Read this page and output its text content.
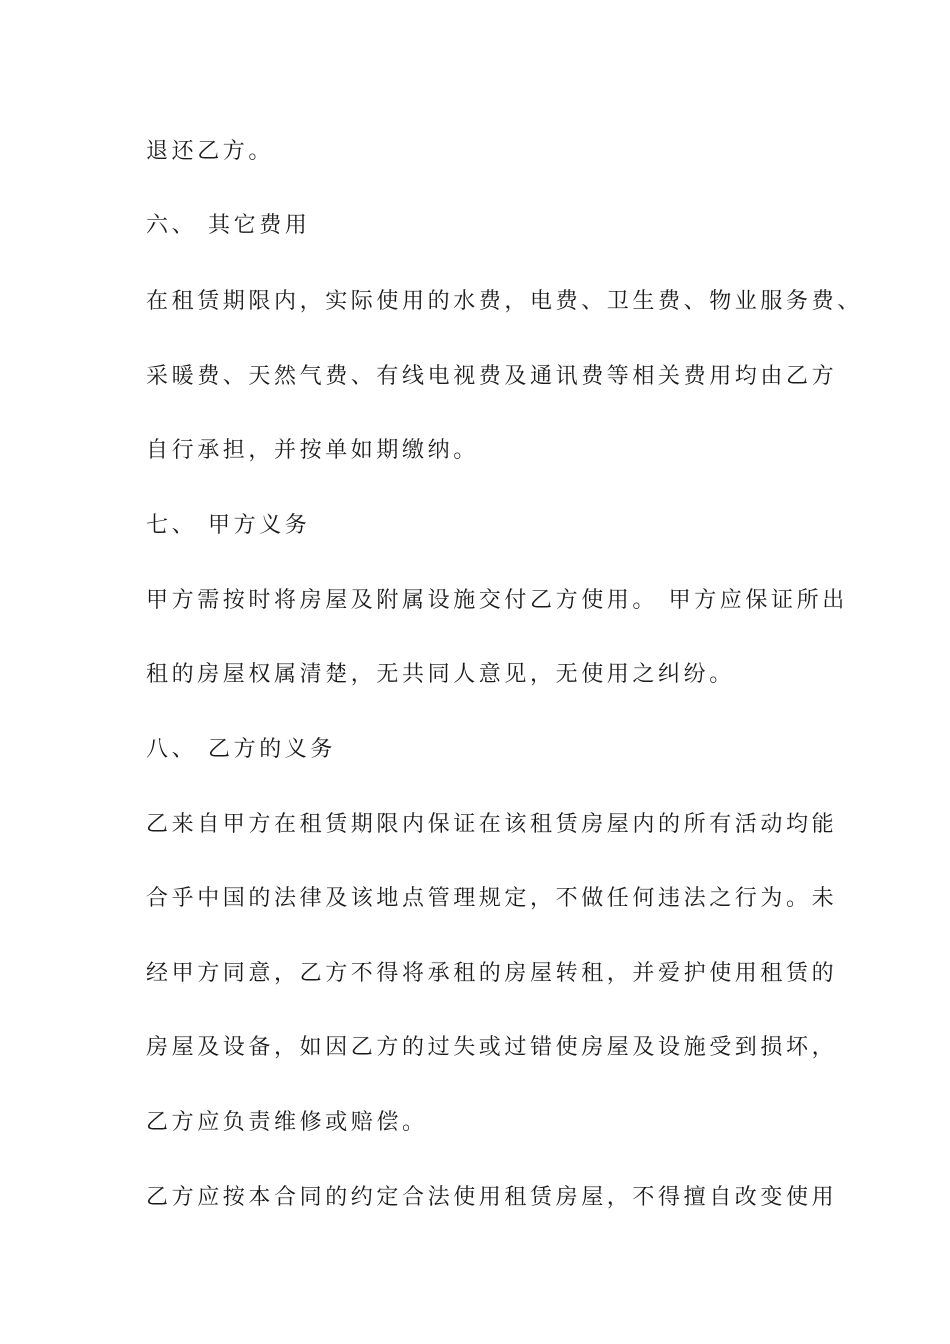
退还乙方。
六、 其它费用
在租赁期限内，实际使用的水费，电费、卫生费、物业服务费、
采暖费、天然气费、有线电视费及通讯费等相关费用均由乙方
自行承担，并按单如期缴纳。
七、 甲方义务
甲方需按时将房屋及附属设施交付乙方使用。 甲方应保证所出
租的房屋权属清楚，无共同人意见，无使用之纠纷。
八、 乙方的义务
乙来自甲方在租赁期限内保证在该租赁房屋内的所有活动均能
合乎中国的法律及该地点管理规定，不做任何违法之行为。未
经甲方同意，乙方不得将承租的房屋转租，并爱护使用租赁的
房屋及设备，如因乙方的过失或过错使房屋及设施受到损坏，
乙方应负责维修或赔偿。
乙方应按本合同的约定合法使用租赁房屋，不得擅自改变使用
